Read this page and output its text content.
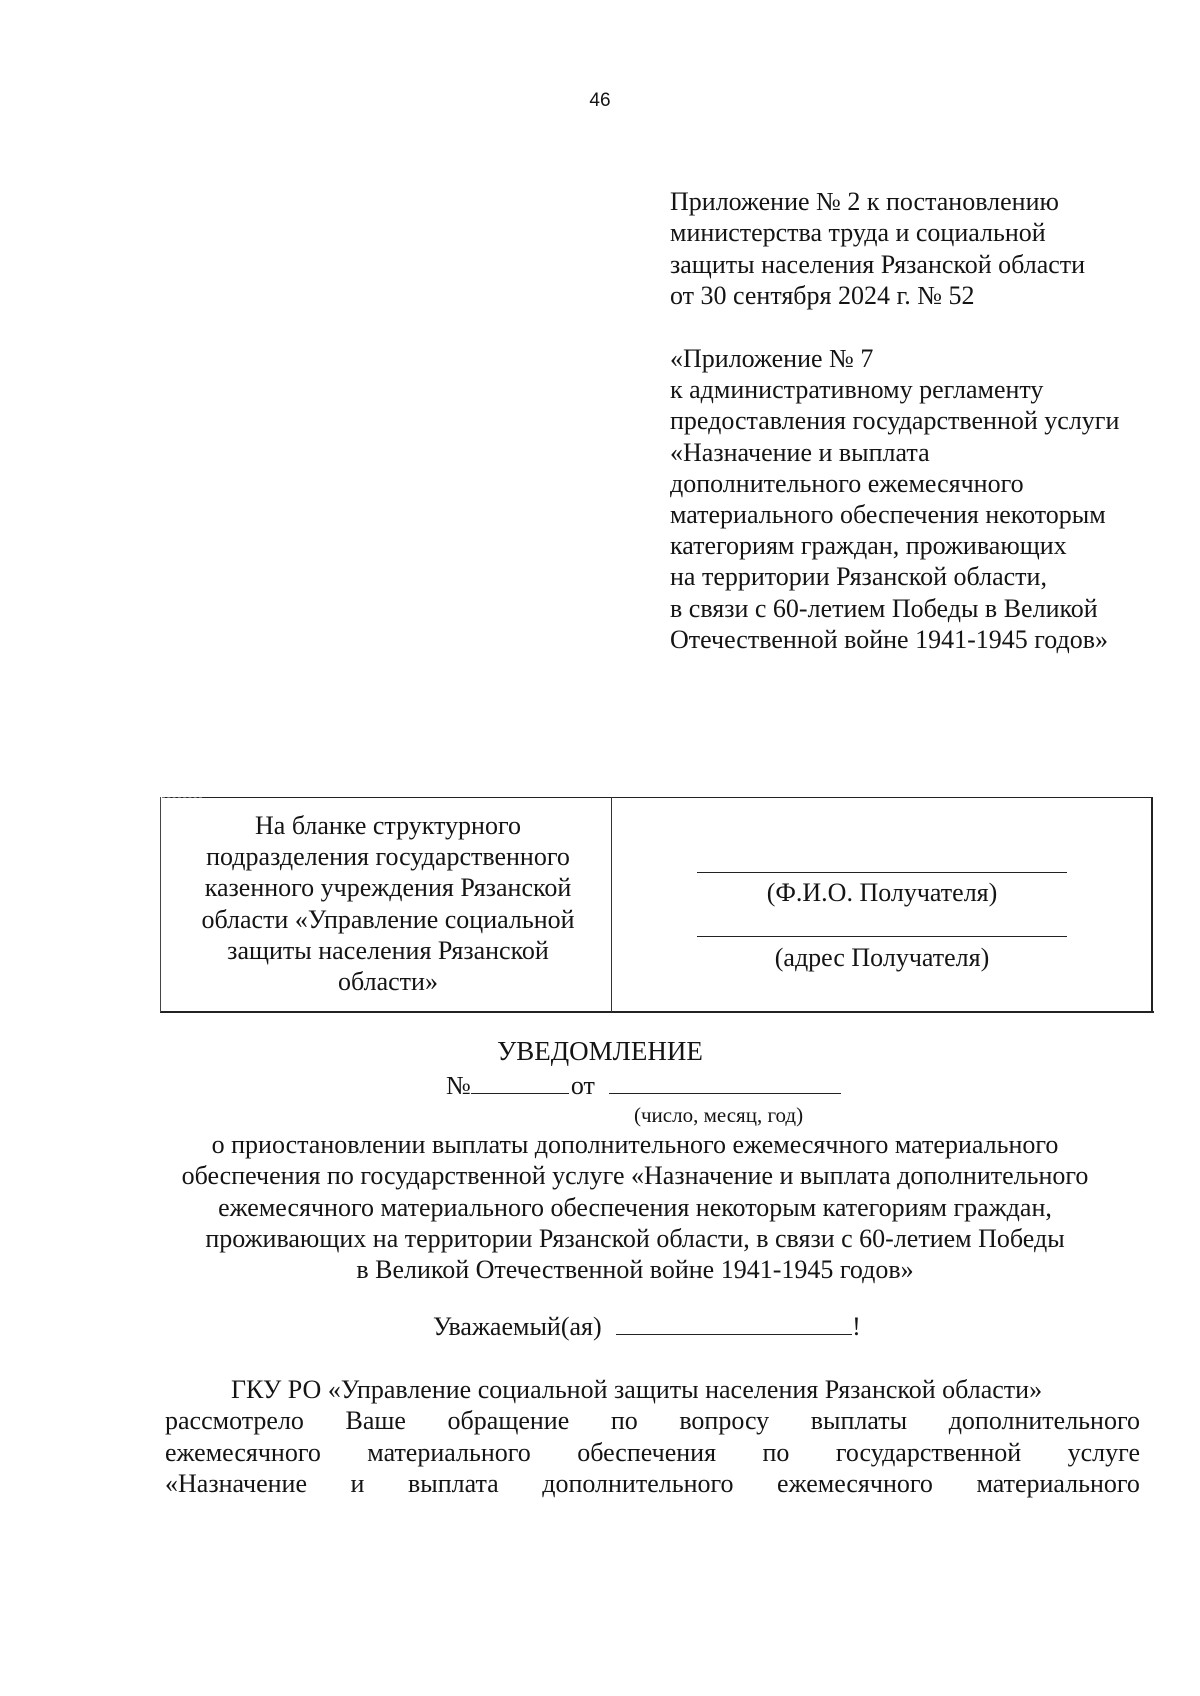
46
Приложение № 2 к постановлению
министерства труда и социальной
защиты населения Рязанской области
от 30 сентября 2024 г. № 52
«Приложение № 7
к административному регламенту
предоставления государственной услуги
«Назначение и выплата
дополнительного ежемесячного
материального обеспечения некоторым
категориям граждан, проживающих
на территории Рязанской области,
в связи с 60-летием Победы в Великой
Отечественной войне 1941-1945 годов»
На бланке структурного
подразделения государственного
казенного учреждения Рязанской
области «Управление социальной
защиты населения Рязанской
области»
(Ф.И.О. Получателя)
(адрес Получателя)
УВЕДОМЛЕНИЕ
№	от
(число, месяц, год)
о приостановлении выплаты дополнительного ежемесячного материального
обеспечения по государственной услуге «Назначение и выплата дополнительного
ежемесячного материального обеспечения некоторым категориям граждан,
проживающих на территории Рязанской области, в связи с 60-летием Победы
в Великой Отечественной войне 1941-1945 годов»
Уважаемый(ая)	!
ГКУ РО «Управление социальной защиты населения Рязанской области»
рассмотрело Ваше обращение по вопросу выплаты дополнительного
ежемесячного материального обеспечения по государственной услуге
«Назначение и выплата дополнительного ежемесячного материального
